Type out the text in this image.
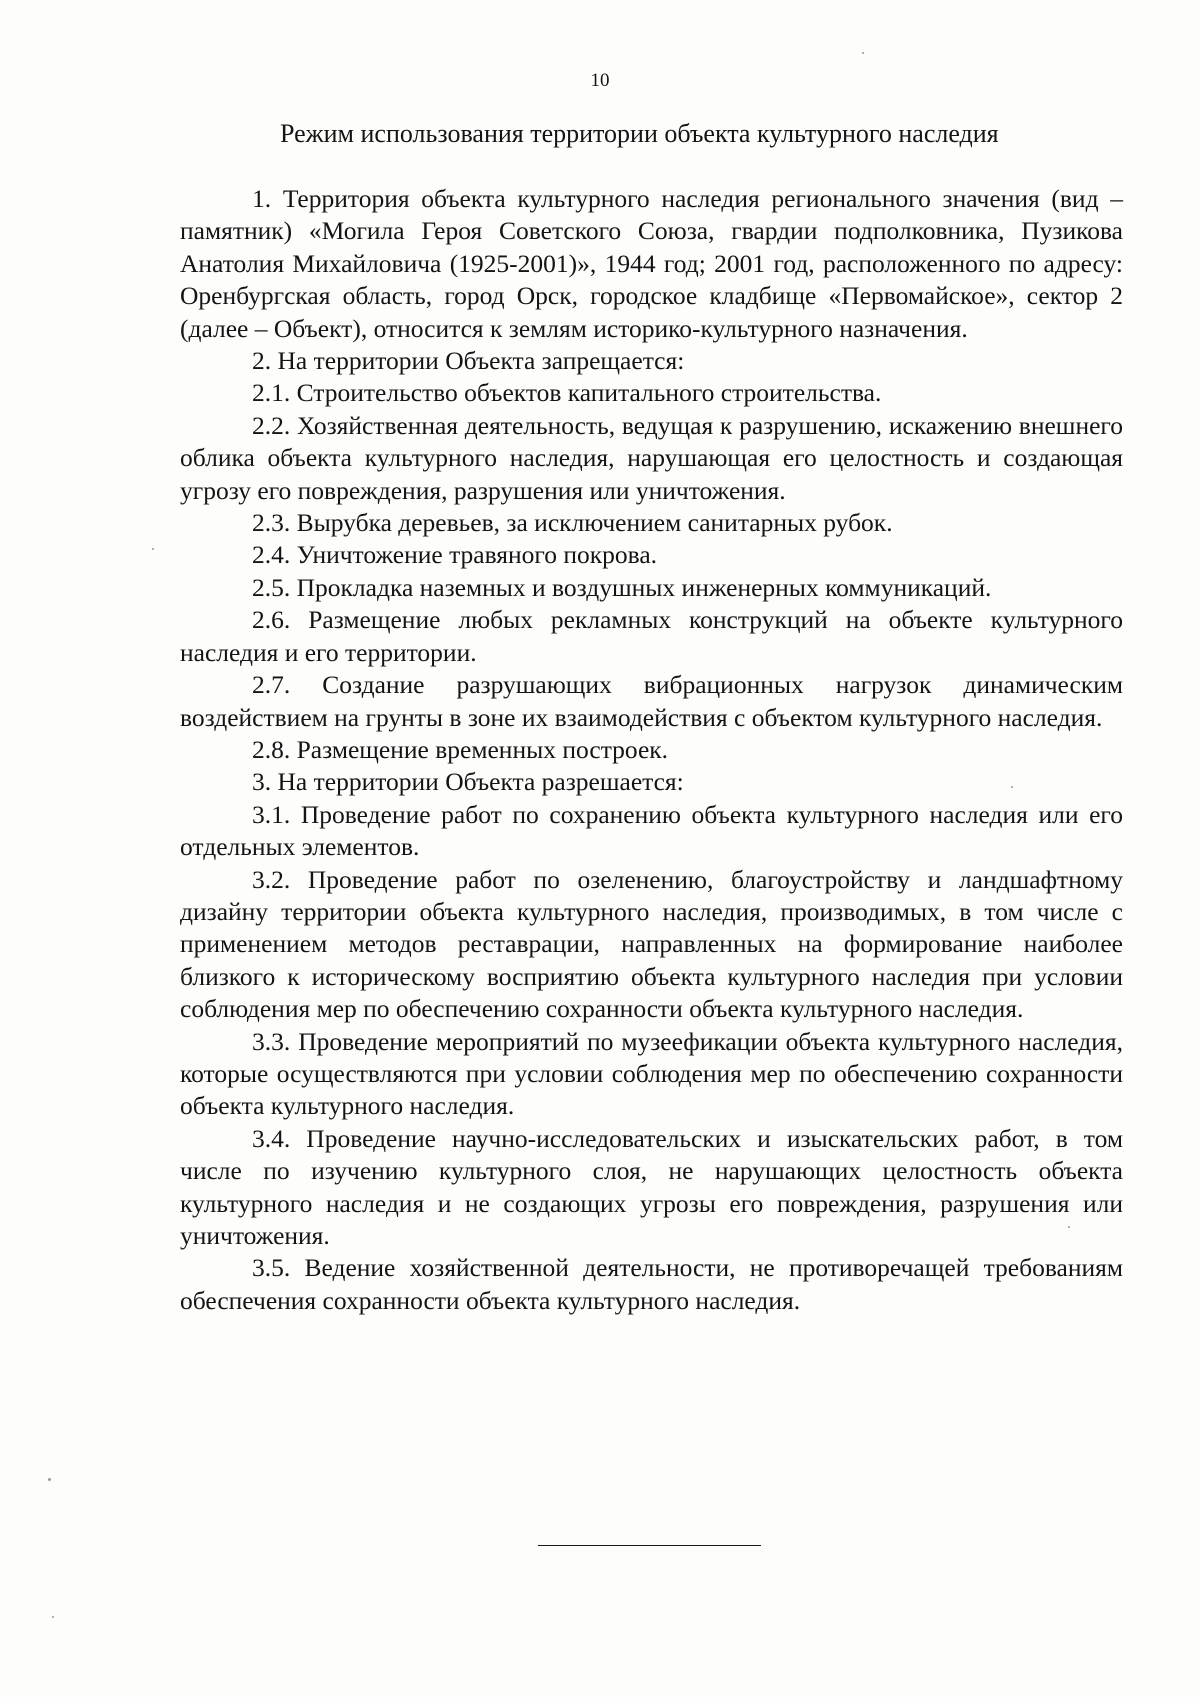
10
Режим использования территории объекта культурного наследия

1. Территория объекта культурного наследия регионального значения (вид – памятник) «Могила Героя Советского Союза, гвардии подполковника, Пузикова Анатолия Михайловича (1925-2001)», 1944 год; 2001 год, расположенного по адресу: Оренбургская область, город Орск, городское кладбище «Первомайское», сектор 2 (далее – Объект), относится к землям историко-культурного назначения.

2. На территории Объекта запрещается:

2.1. Строительство объектов капитального строительства.

2.2. Хозяйственная деятельность, ведущая к разрушению, искажению внешнего облика объекта культурного наследия, нарушающая его целостность и создающая угрозу его повреждения, разрушения или уничтожения.

2.3. Вырубка деревьев, за исключением санитарных рубок.

2.4. Уничтожение травяного покрова.

2.5. Прокладка наземных и воздушных инженерных коммуникаций.

2.6. Размещение любых рекламных конструкций на объекте культурного наследия и его территории.

2.7. Создание разрушающих вибрационных нагрузок динамическим воздействием на грунты в зоне их взаимодействия с объектом культурного наследия.

2.8. Размещение временных построек.

3. На территории Объекта разрешается:

3.1. Проведение работ по сохранению объекта культурного наследия или его отдельных элементов.

3.2. Проведение работ по озеленению, благоустройству и ландшафтному дизайну территории объекта культурного наследия, производимых, в том числе с применением методов реставрации, направленных на формирование наиболее близкого к историческому восприятию объекта культурного наследия при условии соблюдения мер по обеспечению сохранности объекта культурного наследия.

3.3. Проведение мероприятий по музеефикации объекта культурного наследия, которые осуществляются при условии соблюдения мер по обеспечению сохранности объекта культурного наследия.

3.4. Проведение научно-исследовательских и изыскательских работ, в том числе по изучению культурного слоя, не нарушающих целостность объекта культурного наследия и не создающих угрозы его повреждения, разрушения или уничтожения.

3.5. Ведение хозяйственной деятельности, не противоречащей требованиям обеспечения сохранности объекта культурного наследия.
